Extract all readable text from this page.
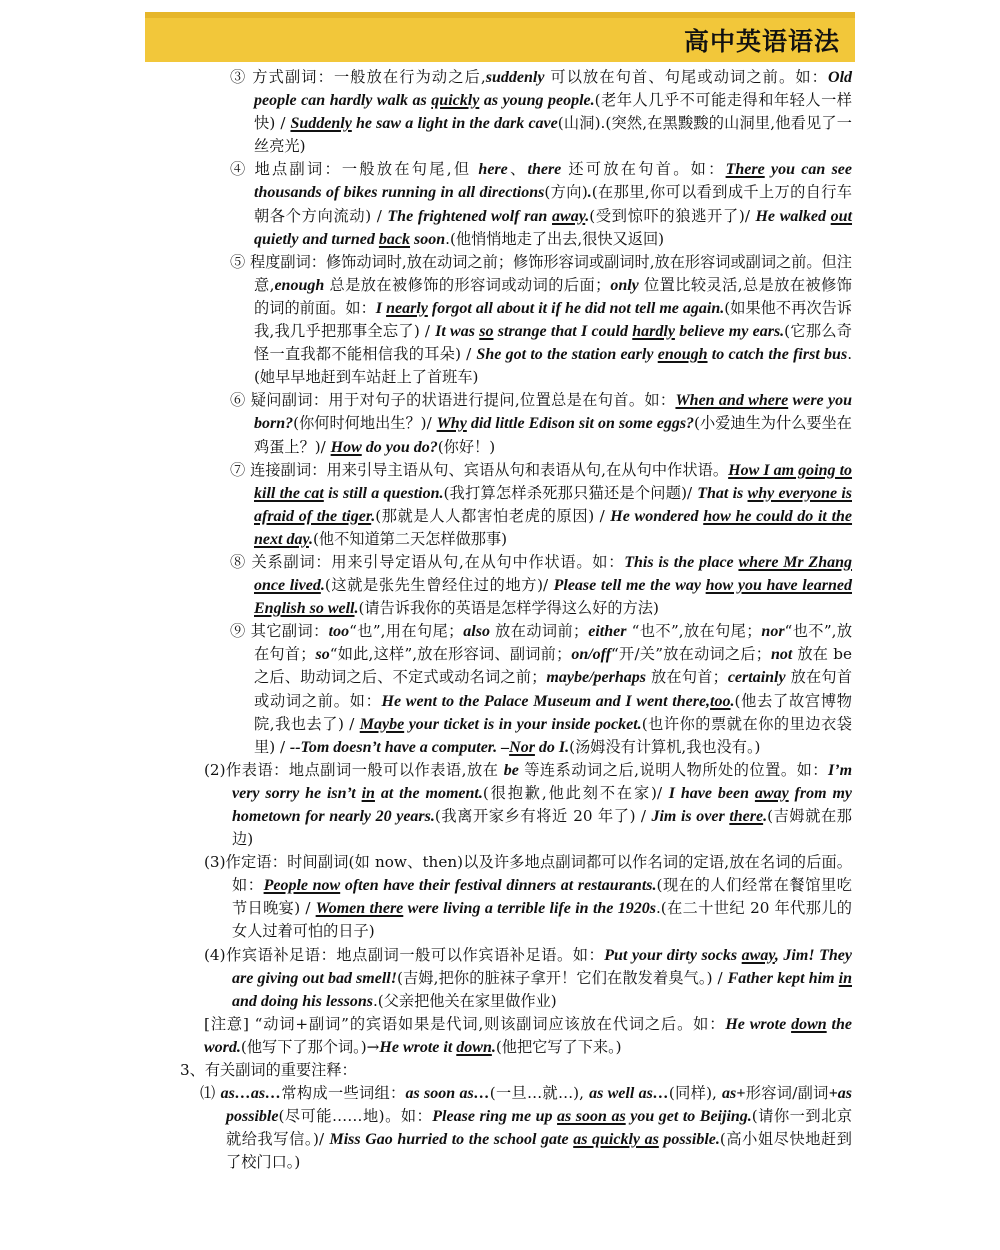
高中英语语法

③ 方式副词：一般放在行为动之后,suddenly 可以放在句首、句尾或动词之前。如：Old people can hardly walk as quickly as young people.(老年人几乎不可能走得和年轻人一样快) / Suddenly he saw a light in the dark cave(山洞).(突然,在黑黢黢的山洞里,他看见了一丝亮光)

④ 地点副词：一般放在句尾,但 here、there 还可放在句首。如：There you can see thousands of bikes running in all directions(方向).(在那里,你可以看到成千上万的自行车朝各个方向流动) / The frightened wolf ran away.(受到惊吓的狼逃开了)/ He walked out quietly and turned back soon.(他悄悄地走了出去,很快又返回)

⑤ 程度副词：修饰动词时,放在动词之前；修饰形容词或副词时,放在形容词或副词之前。但注意,enough 总是放在被修饰的形容词或动词的后面；only 位置比较灵活,总是放在被修饰的词的前面。如：I nearly forgot all about it if he did not tell me again.(如果他不再次告诉我,我几乎把那事全忘了) / It was so strange that I could hardly believe my ears.(它那么奇怪一直我都不能相信我的耳朵) / She got to the station early enough to catch the first bus.(她早早地赶到车站赶上了首班车)

⑥ 疑问副词：用于对句子的状语进行提问,位置总是在句首。如：When and where were you born?(你何时何地出生？)/ Why did little Edison sit on some eggs?(小爱迪生为什么要坐在鸡蛋上？)/ How do you do?(你好！)

⑦ 连接副词：用来引导主语从句、宾语从句和表语从句,在从句中作状语。How I am going to kill the cat is still a question.(我打算怎样杀死那只猫还是个问题)/ That is why everyone is afraid of the tiger.(那就是人人都害怕老虎的原因) / He wondered how he could do it the next day.(他不知道第二天怎样做那事)

⑧ 关系副词：用来引导定语从句,在从句中作状语。如：This is the place where Mr Zhang once lived.(这就是张先生曾经住过的地方)/ Please tell me the way how you have learned English so well.(请告诉我你的英语是怎样学得这么好的方法)

⑨ 其它副词：too“也”,用在句尾；also 放在动词前；either “也不”,放在句尾；nor“也不”,放在句首；so“如此,这样”,放在形容词、副词前；on/off“开/关”放在动词之后；not 放在 be 之后、助动词之后、不定式或动名词之前；maybe/perhaps 放在句首；certainly 放在句首或动词之前。如：He went to the Palace Museum and I went there,too.(他去了故宫博物院,我也去了) / Maybe your ticket is in your inside pocket.(也许你的票就在你的里边衣袋里) / --Tom doesn’t have a computer. –Nor do I.(汤姆没有计算机,我也没有。)

(2)作表语：地点副词一般可以作表语,放在 be 等连系动词之后,说明人物所处的位置。如：I’m very sorry he isn’t in at the moment.(很抱歉,他此刻不在家)/ I have been away from my hometown for nearly 20 years.(我离开家乡有将近 20 年了) / Jim is over there.(吉姆就在那边)

(3)作定语：时间副词(如 now、then)以及许多地点副词都可以作名词的定语,放在名词的后面。如：People now often have their festival dinners at restaurants.(现在的人们经常在餐馆里吃节日晚宴) / Women there were living a terrible life in the 1920s.(在二十世纪 20 年代那儿的女人过着可怕的日子)

(4)作宾语补足语：地点副词一般可以作宾语补足语。如：Put your dirty socks away, Jim! They are giving out bad smell!(吉姆,把你的脏袜子拿开！它们在散发着臭气。) / Father kept him in and doing his lessons.(父亲把他关在家里做作业)

[注意] “动词+副词”的宾语如果是代词,则该副词应该放在代词之后。如：He wrote down the word.(他写下了那个词。)→He wrote it down.(他把它写了下来。)

3、有关副词的重要注释：

⑴ as…as…常构成一些词组：as soon as…(一旦…就…), as well as…(同样), as+形容词/副词+as possible(尽可能……地)。如：Please ring me up as soon as you get to Beijing.(请你一到北京就给我写信。)/ Miss Gao hurried to the school gate as quickly as possible.(高小姐尽快地赶到了校门口。)
